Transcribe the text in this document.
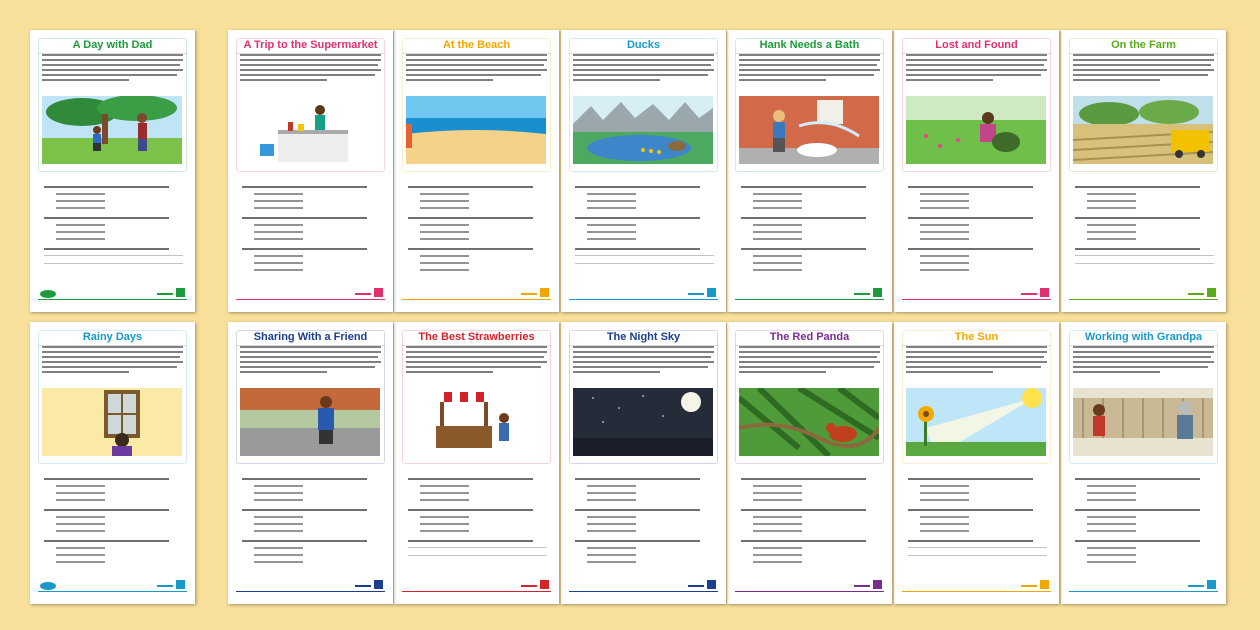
A Day with Dad	A Trip to the Supermarket	At the Beach	Ducks	Hank Needs a Bath	Lost and Found	On the Farm
Rainy Days	Sharing With a Friend	The Best Strawberries	The Night Sky	The Red Panda	The Sun	Working with Grandpa
